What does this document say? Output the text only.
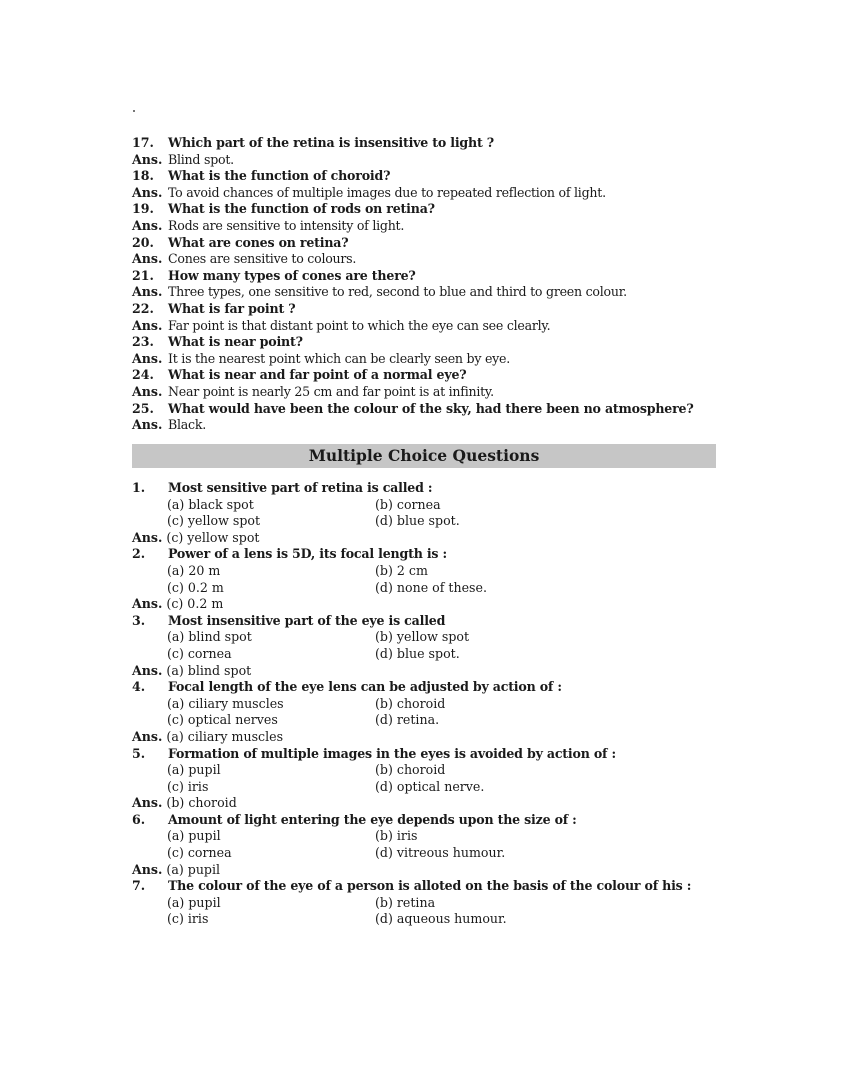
17.	Which part of the retina is insensitive to light ?
Ans. Blind spot.
18.	What is the function of choroid?
Ans. To avoid chances of multiple images due to repeated reflection of light.
19.	What is the function of rods on retina?
Ans. Rods are sensitive to intensity of light.
20.	What are cones on retina?
Ans. Cones are sensitive to colours.
21.	How many types of cones are there?
Ans. Three types, one sensitive to red, second to blue and third to green colour.
22.	What is far point ?
Ans. Far point is that distant point to which the eye can see clearly.
23.	What is near point?
Ans. It is the nearest point which can be clearly seen by eye.
24.	What is near and far point of a normal eye?
Ans. Near point is nearly 25 cm and far point is at infinity.
25.	What would have been the colour of the sky, had there been no atmosphere?
Ans. Black.
Multiple Choice Questions
1.	Most sensitive part of retina is called :
(a) black spot	(b) cornea
(c) yellow spot	(d) blue spot.
Ans. (c) yellow spot
2.	Power of a lens is 5D, its focal length is :
(a) 20 m	(b) 2 cm
(c) 0.2 m	(d) none of these.
Ans. (c) 0.2 m
3.	Most insensitive part of the eye is called
(a) blind spot	(b) yellow spot
(c) cornea	(d) blue spot.
Ans. (a) blind spot
4.	Focal length of the eye lens can be adjusted by action of :
(a) ciliary muscles	(b) choroid
(c) optical nerves	(d) retina.
Ans. (a) ciliary muscles
5.	Formation of multiple images in the eyes is avoided by action of :
(a) pupil	(b) choroid
(c) iris	(d) optical nerve.
Ans. (b) choroid
6.	Amount of light entering the eye depends upon the size of :
(a) pupil	(b) iris
(c) cornea	(d) vitreous humour.
Ans. (a) pupil
7.	The colour of the eye of a person is alloted on the basis of the colour of his :
(a) pupil	(b) retina
(c) iris	(d) aqueous humour.
